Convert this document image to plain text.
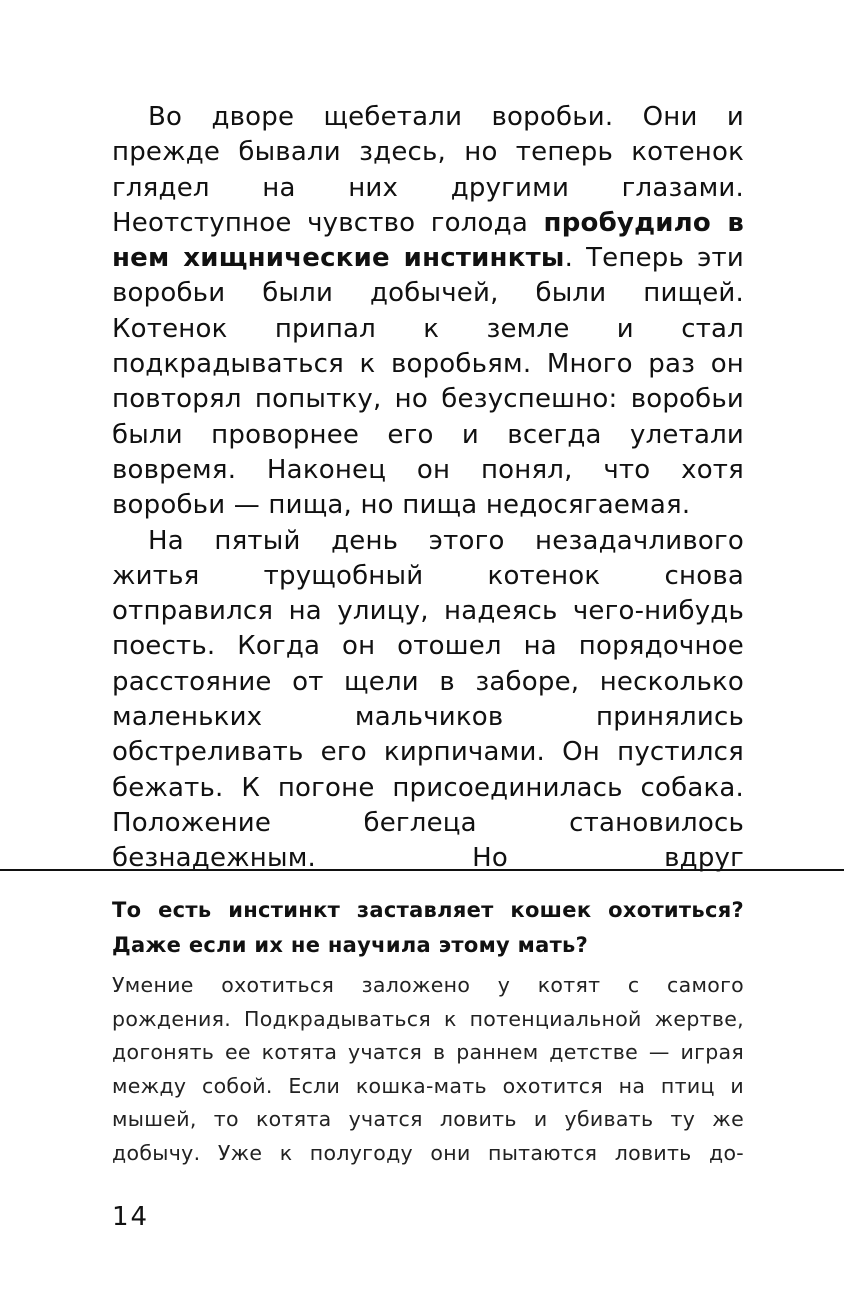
Во дворе щебетали воробьи. Они и прежде бывали здесь, но теперь котенок глядел на них другими глазами. Неотступное чувство голода пробудило в нем хищнические инстинкты. Теперь эти воробьи были добычей, были пищей. Котенок припал к земле и стал подкрадываться к воробьям. Много раз он повторял попытку, но безуспешно: воробьи были проворнее его и всегда улетали вовремя. Наконец он понял, что хотя воробьи — пища, но пища недосягаемая.

На пятый день этого незадачливого житья трущобный котенок снова отправился на улицу, надеясь чего-нибудь поесть. Когда он отошел на порядочное расстояние от щели в заборе, несколько маленьких мальчиков принялись обстреливать его кирпичами. Он пустился бежать. К погоне присоединилась собака. Положение беглеца становилось безнадежным. Но вдруг

То есть инстинкт заставляет кошек охотиться?
Даже если их не научила этому мать?

Умение охотиться заложено у котят с самого рождения. Подкрадываться к потенциальной жертве, догонять ее котята учатся в раннем детстве — играя между собой. Если кошка-мать охотится на птиц и мышей, то котята учатся ловить и убивать ту же добычу. Уже к полугоду они пытаются ловить до-

14
